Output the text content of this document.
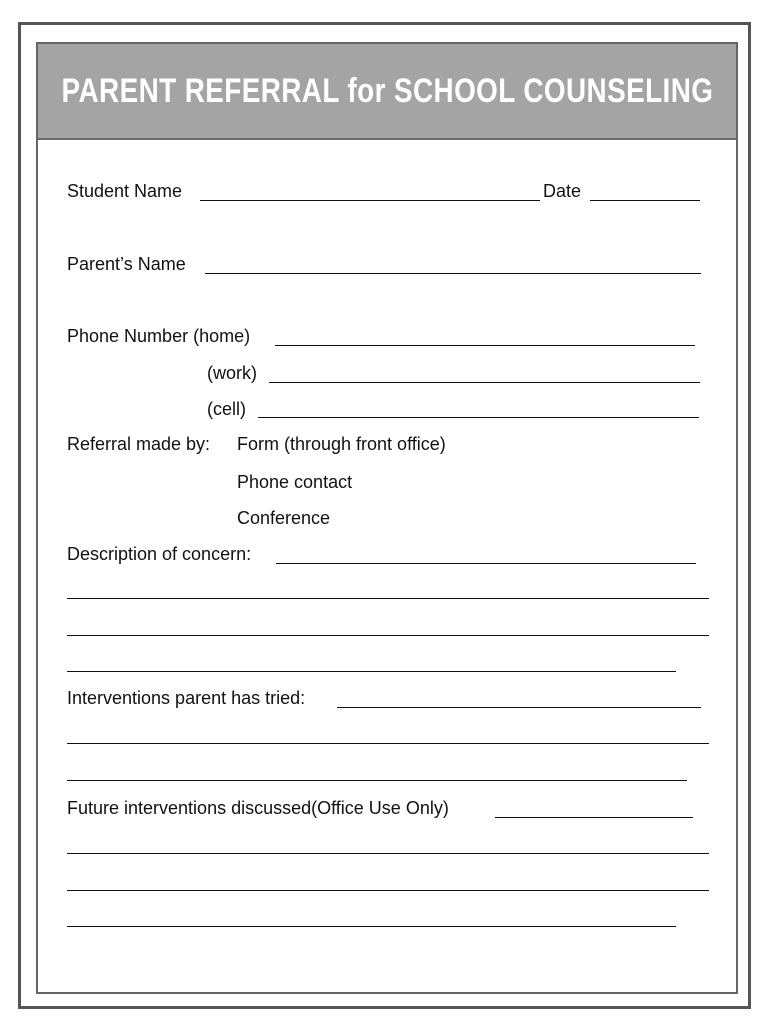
PARENT REFERRAL for SCHOOL COUNSELING
Student Name	Date
Parent’s Name
Phone Number (home)
(work)
(cell)
Referral made by: Form (through front office)
Phone contact
Conference
Description of concern:
Interventions parent has tried:
Future interventions discussed(Office Use Only)
